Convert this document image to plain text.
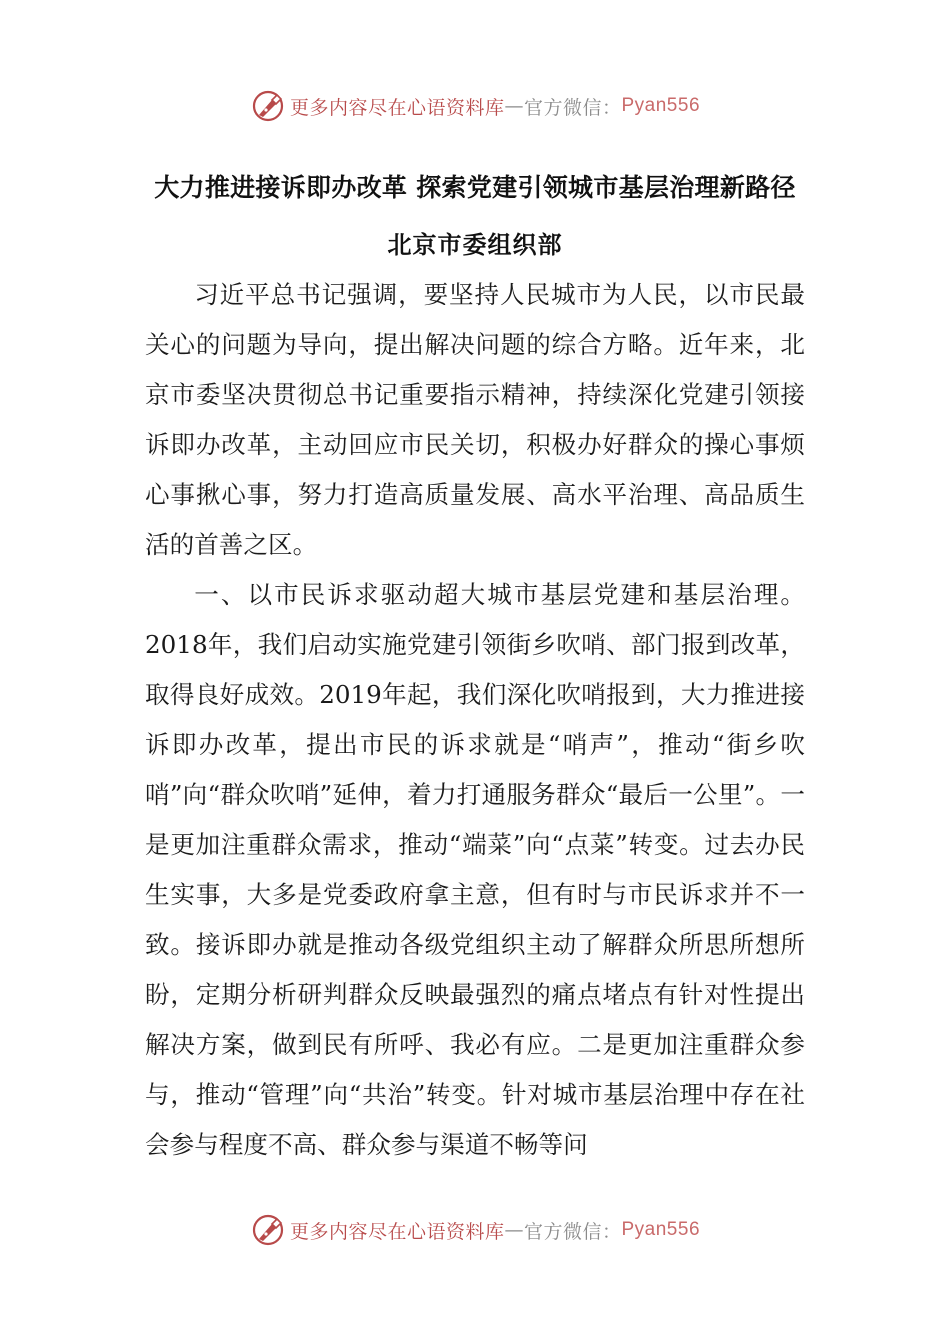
更多内容尽在心语资料库 — 官方微信： Pyan556
大力推进接诉即办改革 探索党建引领城市基层治理新路径
北京市委组织部

习近平总书记强调，要坚持人民城市为人民，以市民最关心的问题为导向，提出解决问题的综合方略。近年来，北京市委坚决贯彻总书记重要指示精神，持续深化党建引领接诉即办改革，主动回应市民关切，积极办好群众的操心事烦心事揪心事，努力打造高质量发展、高水平治理、高品质生活的首善之区。

一、以市民诉求驱动超大城市基层党建和基层治理。2018年，我们启动实施党建引领街乡吹哨、部门报到改革，取得良好成效。2019年起，我们深化吹哨报到，大力推进接诉即办改革，提出市民的诉求就是“哨声”，推动“街乡吹哨”向“群众吹哨”延伸，着力打通服务群众“最后一公里”。一是更加注重群众需求，推动“端菜”向“点菜”转变。过去办民生实事，大多是党委政府拿主意，但有时与市民诉求并不一致。接诉即办就是推动各级党组织主动了解群众所思所想所盼，定期分析研判群众反映最强烈的痛点堵点有针对性提出解决方案，做到民有所呼、我必有应。二是更加注重群众参与，推动“管理”向“共治”转变。针对城市基层治理中存在社会参与程度不高、群众参与渠道不畅等问

更多内容尽在心语资料库 — 官方微信： Pyan556
